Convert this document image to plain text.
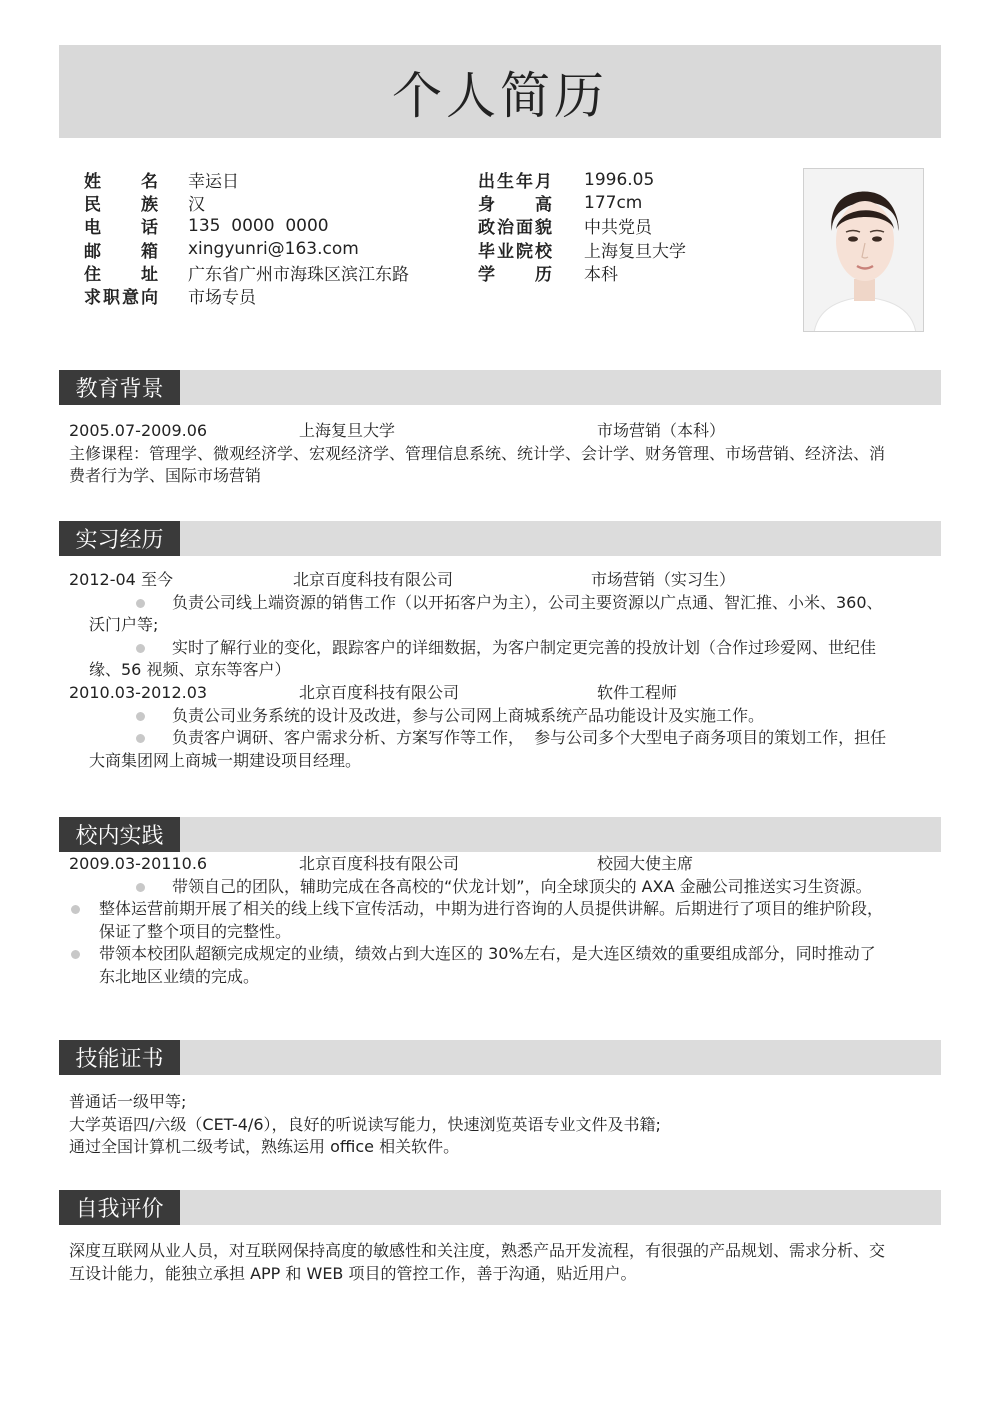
个人简历
姓名 幸运日
民族 汉
电话 135  0000  0000
邮箱 xingyunri@163.com
住址 广东省广州市海珠区滨江东路
求职意向 市场专员
出生年月 1996.05
身高 177cm
政治面貌 中共党员
毕业院校 上海复旦大学
学历 本科
教育背景
2005.07-2009.06	上海复旦大学	市场营销（本科）
主修课程：管理学、微观经济学、宏观经济学、管理信息系统、统计学、会计学、财务管理、市场营销、经济法、消
费者行为学、国际市场营销
实习经历
2012-04 至今	北京百度科技有限公司	市场营销（实习生）
负责公司线上端资源的销售工作（以开拓客户为主），公司主要资源以广点通、智汇推、小米、360、
沃门户等;
实时了解行业的变化，跟踪客户的详细数据，为客户制定更完善的投放计划（合作过珍爱网、世纪佳
缘、56 视频、京东等客户）
2010.03-2012.03	北京百度科技有限公司	软件工程师
负责公司业务系统的设计及改进，参与公司网上商城系统产品功能设计及实施工作。
负责客户调研、客户需求分析、方案写作等工作，  参与公司多个大型电子商务项目的策划工作，担任
大商集团网上商城一期建设项目经理。
校内实践
2009.03-20110.6	北京百度科技有限公司	校园大使主席
带领自己的团队，辅助完成在各高校的“伏龙计划”，向全球顶尖的 AXA 金融公司推送实习生资源。
整体运营前期开展了相关的线上线下宣传活动，中期为进行咨询的人员提供讲解。后期进行了项目的维护阶段，
保证了整个项目的完整性。
带领本校团队超额完成规定的业绩，绩效占到大连区的 30%左右，是大连区绩效的重要组成部分，同时推动了
东北地区业绩的完成。
技能证书
普通话一级甲等;
大学英语四/六级（CET-4/6），良好的听说读写能力，快速浏览英语专业文件及书籍;
通过全国计算机二级考试，熟练运用 office 相关软件。
自我评价
深度互联网从业人员，对互联网保持高度的敏感性和关注度，熟悉产品开发流程，有很强的产品规划、需求分析、交
互设计能力，能独立承担 APP 和 WEB 项目的管控工作，善于沟通，贴近用户。
